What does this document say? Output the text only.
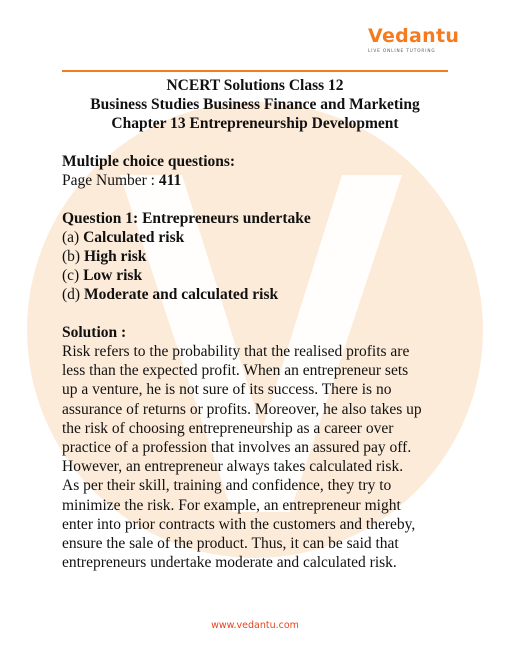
Vedantu
LIVE ONLINE TUTORING

NCERT Solutions Class 12

Business Studies Business Finance and Marketing

Chapter 13 Entrepreneurship Development

Multiple choice questions:

Page Number : 411

Question 1: Entrepreneurs undertake

(a) Calculated risk

(b) High risk

(c) Low risk

(d) Moderate and calculated risk

Solution :

Risk refers to the probability that the realised profits are

less than the expected profit. When an entrepreneur sets

up a venture, he is not sure of its success. There is no

assurance of returns or profits. Moreover, he also takes up

the risk of choosing entrepreneurship as a career over

practice of a profession that involves an assured pay off.

However, an entrepreneur always takes calculated risk.

As per their skill, training and confidence, they try to

minimize the risk. For example, an entrepreneur might

enter into prior contracts with the customers and thereby,

ensure the sale of the product. Thus, it can be said that

entrepreneurs undertake moderate and calculated risk.

www.vedantu.com
